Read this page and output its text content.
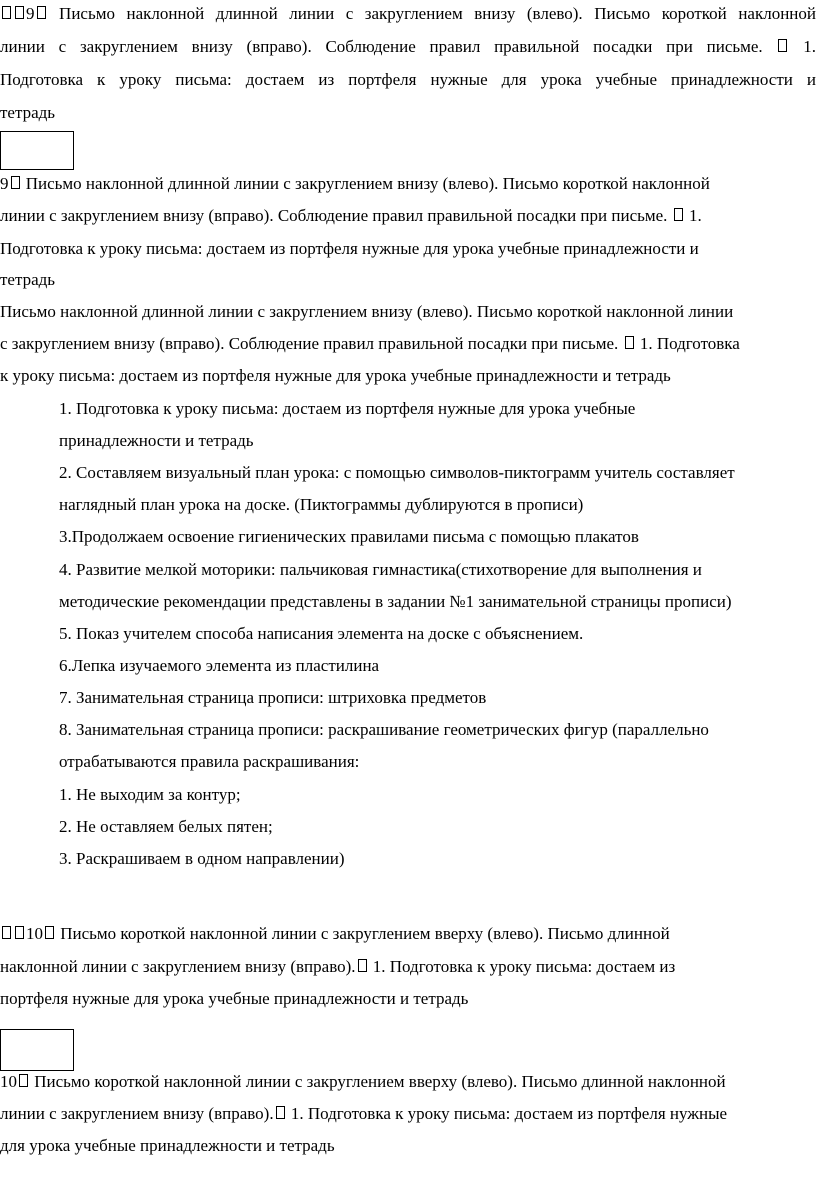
9 Письмо наклонной длинной линии с закруглением внизу (влево). Письмо короткой наклонной
линии с закруглением внизу (вправо). Соблюдение правил правильной посадки при письме. 1.
Подготовка к уроку письма: достаем из портфеля нужные для урока учебные принадлежности и
тетрадь
9 Письмо наклонной длинной линии с закруглением внизу (влево). Письмо короткой наклонной
линии с закруглением внизу (вправо). Соблюдение правил правильной посадки при письме. 1.
Подготовка к уроку письма: достаем из портфеля нужные для урока учебные принадлежности и
тетрадь
Письмо наклонной длинной линии с закруглением внизу (влево). Письмо короткой наклонной линии
с закруглением внизу (вправо). Соблюдение правил правильной посадки при письме. 1. Подготовка
к уроку письма: достаем из портфеля нужные для урока учебные принадлежности и тетрадь
1. Подготовка к уроку письма: достаем из портфеля нужные для урока учебные
принадлежности и тетрадь
2. Составляем визуальный план урока: с помощью символов-пиктограмм учитель составляет
наглядный план урока на доске. (Пиктограммы дублируются в прописи)
3.Продолжаем освоение гигиенических правилами письма с помощью плакатов
4. Развитие мелкой моторики: пальчиковая гимнастика(стихотворение для выполнения и
методические рекомендации представлены в задании №1 занимательной страницы прописи)
5. Показ учителем способа написания элемента на доске с объяснением.
6.Лепка изучаемого элемента из пластилина
7. Занимательная страница прописи: штриховка предметов
8. Занимательная страница прописи: раскрашивание геометрических фигур (параллельно
отрабатываются правила раскрашивания:
1. Не выходим за контур;
2. Не оставляем белых пятен;
3. Раскрашиваем в одном направлении)
10 Письмо короткой наклонной линии с закруглением вверху (влево). Письмо длинной
наклонной линии с закруглением внизу (вправо). 1. Подготовка к уроку письма: достаем из
портфеля нужные для урока учебные принадлежности и тетрадь
10 Письмо короткой наклонной линии с закруглением вверху (влево). Письмо длинной наклонной
линии с закруглением внизу (вправо). 1. Подготовка к уроку письма: достаем из портфеля нужные
для урока учебные принадлежности и тетрадь
